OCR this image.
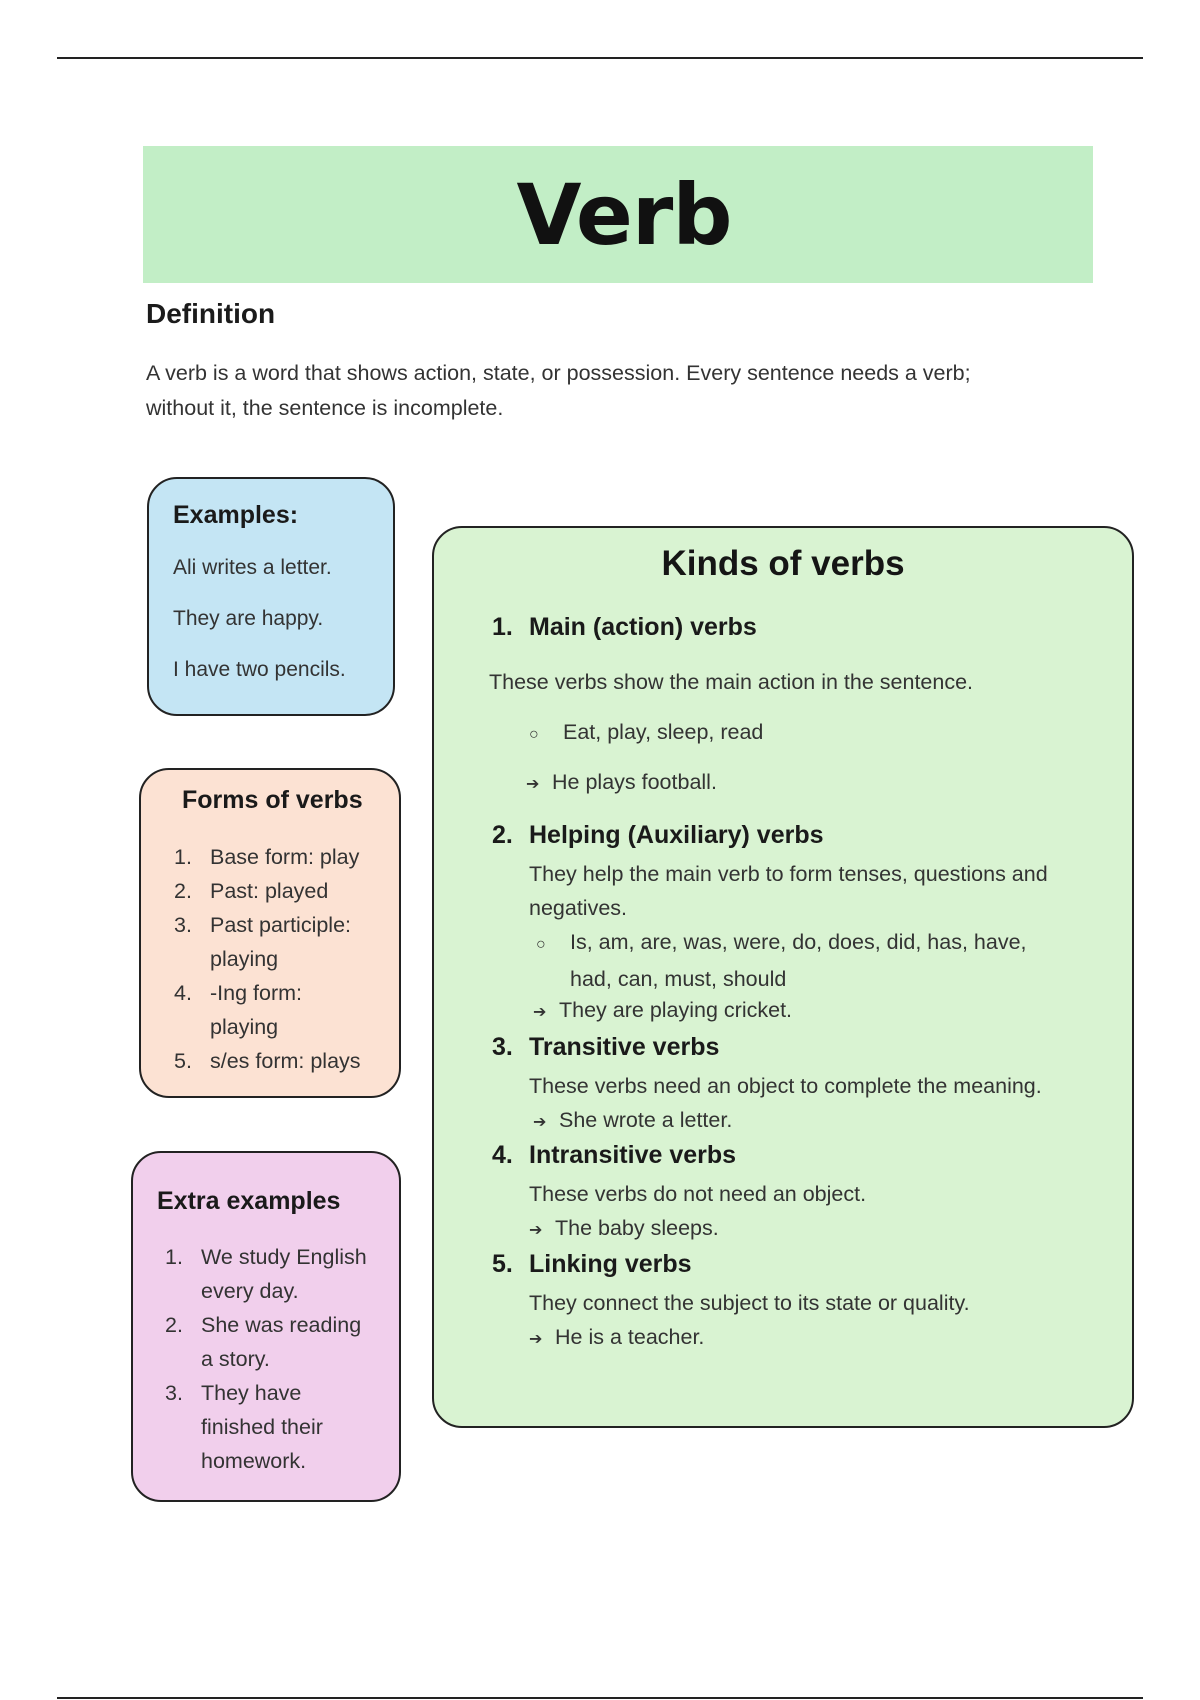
Verb
Definition

A verb is a word that shows action, state, or possession. Every sentence needs a verb;
without it, the sentence is incomplete.

Examples:

Ali writes a letter.

They are happy.

I have two pencils.

Forms of verbs
1. Base form: play
2. Past: played
3. Past participle:
playing
4. -Ing form:
playing
5. s/es form: plays
Extra examples
1. We study English
every day.
2. She was reading
a story.
3. They have
finished their
homework.
Kinds of verbs

1. Main (action) verbs

These verbs show the main action in the sentence.

○ Eat, play, sleep, read

➔ He plays football.

2. Helping (Auxiliary) verbs

They help the main verb to form tenses, questions and
negatives.

○ Is, am, are, was, were, do, does, did, has, have,
had, can, must, should

➔ They are playing cricket.

3. Transitive verbs

These verbs need an object to complete the meaning.

➔ She wrote a letter.

4. Intransitive verbs

These verbs do not need an object.

➔ The baby sleeps.

5. Linking verbs

They connect the subject to its state or quality.

➔ He is a teacher.
